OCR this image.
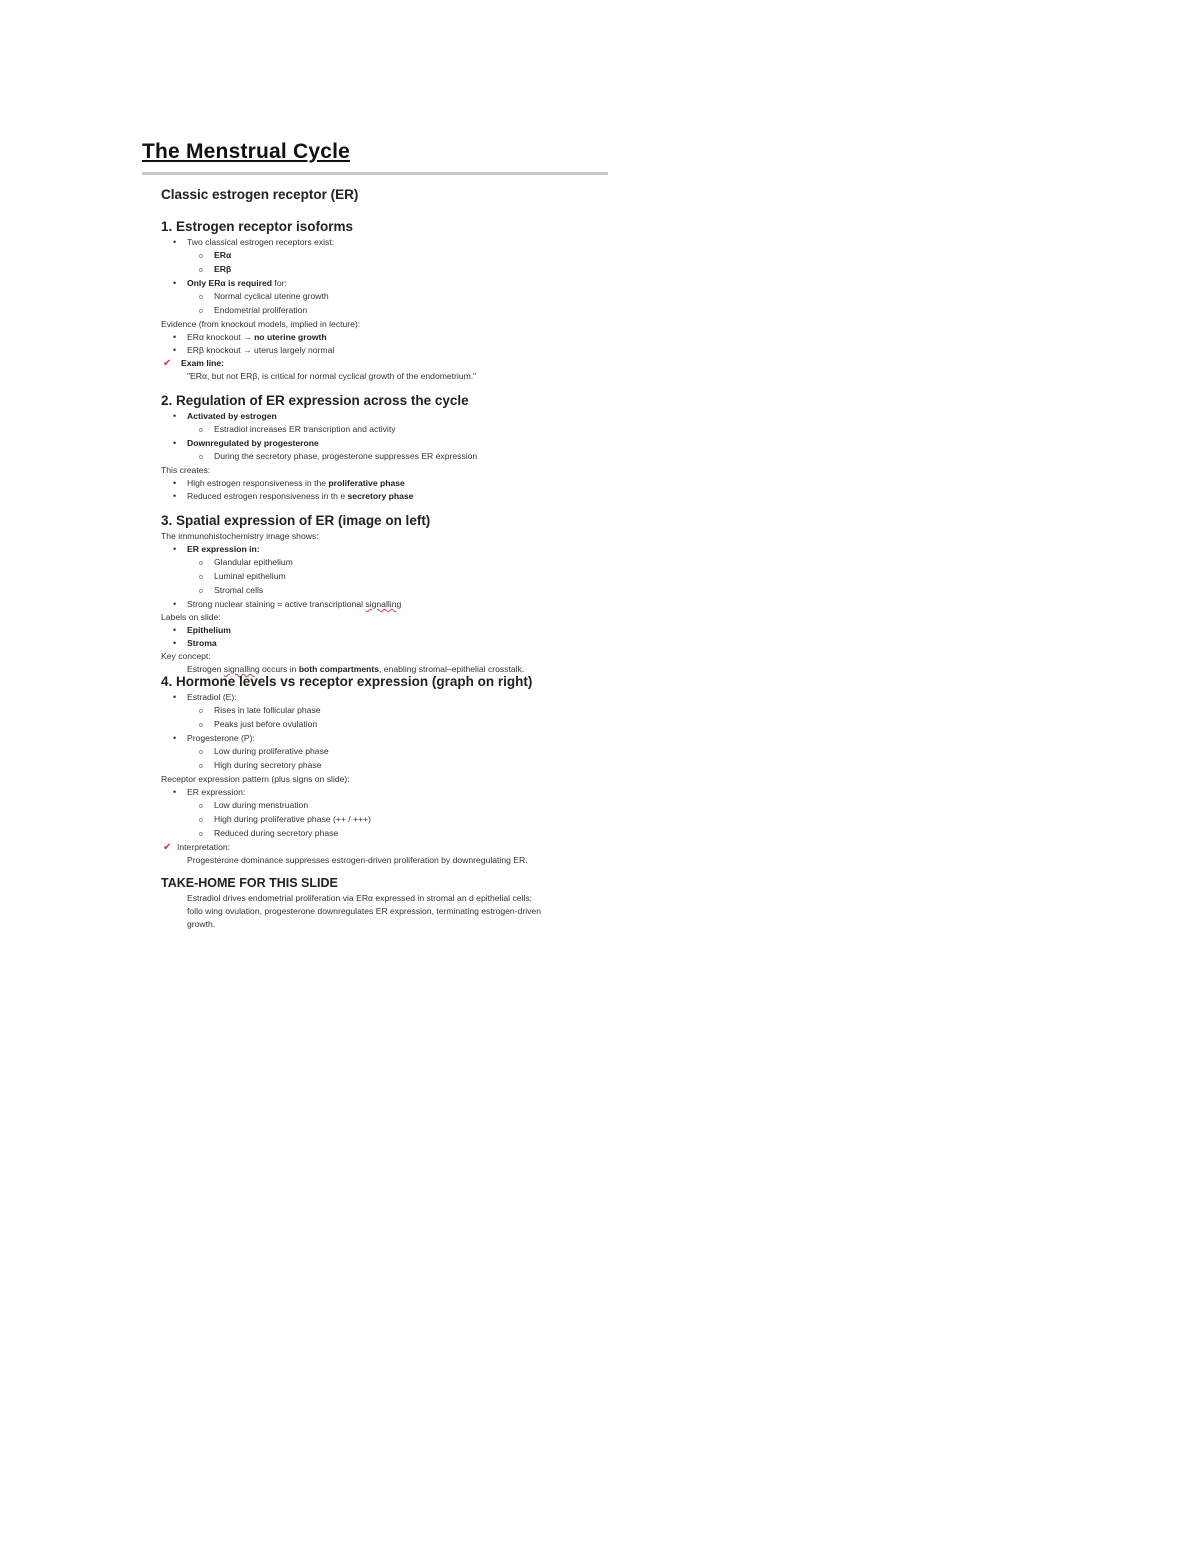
The Menstrual Cycle
Classic estrogen receptor (ER)
1. Estrogen receptor isoforms
•Two classical estrogen receptors exist:
oERα
oERβ
•Only ERα is required for:
oNormal cyclical uterine growth
oEndometrial proliferation
Evidence (from knockout models, implied in lecture):
•ERα knockout → no uterine growth
•ERβ knockout → uterus largely normal
✔ Exam line:
"ERα, but not ERβ, is critical for normal cyclical growth of the endometrium."
2. Regulation of ER expression across the cycle
•Activated by estrogen
oEstradiol increases ER transcription and activity
•Downregulated by progesterone
oDuring the secretory phase, progesterone suppresses ER expression
This creates:
•High estrogen responsiveness in the proliferative phase
•Reduced estrogen responsiveness in th e secretory phase
3. Spatial expression of ER (image on left)
The immunohistochemistry image shows:
•ER expression in:
oGlandular epithelium
oLuminal epithelium
oStromal cells
•Strong nuclear staining = active transcriptional signalling
Labels on slide:
•Epithelium
•Stroma
Key concept:
Estrogen signalling occurs in both compartments, enabling stromal–epithelial crosstalk.
4. Hormone levels vs receptor expression (graph on right)
•Estradiol (E):
oRises in late follicular phase
oPeaks just before ovulation
•Progesterone (P):
oLow during proliferative phase
oHigh during secretory phase
Receptor expression pattern (plus signs on slide):
•ER expression:
oLow during menstruation
oHigh during proliferative phase (++ / +++)
oReduced during secretory phase
✔ Interpretation:
Progesterone dominance suppresses estrogen-driven proliferation by downregulating ER.
TAKE-HOME FOR THIS SLIDE
Estradiol drives endometrial proliferation via ERα expressed in stromal an d epithelial cells;
follo wing ovulation, progesterone downregulates ER expression, terminating estrogen-driven
growth.
